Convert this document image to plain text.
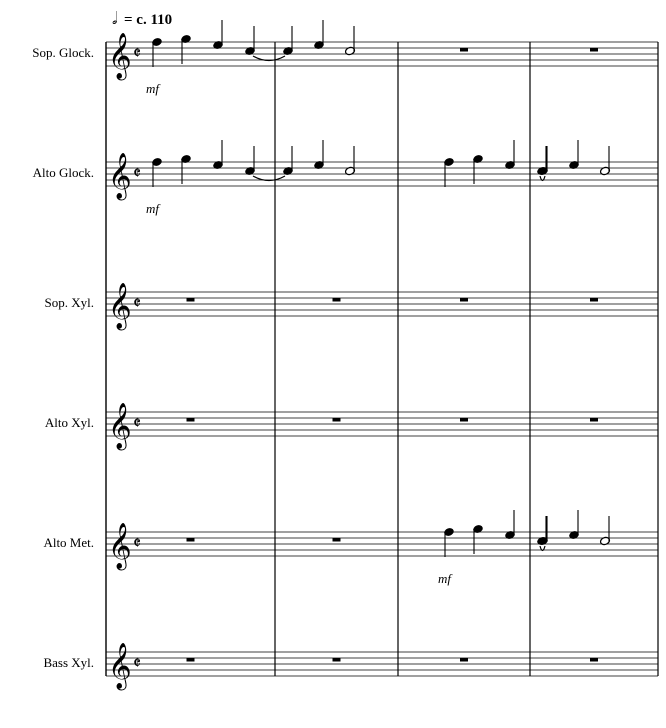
𝅗𝅥 = c. 110
Sop. Glock. 𝄞 𝄵
mf
Alto Glock. 𝄞 𝄵
mf
Sop. Xyl. 𝄞 𝄵
Alto Xyl. 𝄞 𝄵
Alto Met. 𝄞 𝄵
mf
Bass Xyl. 𝄞 𝄵
